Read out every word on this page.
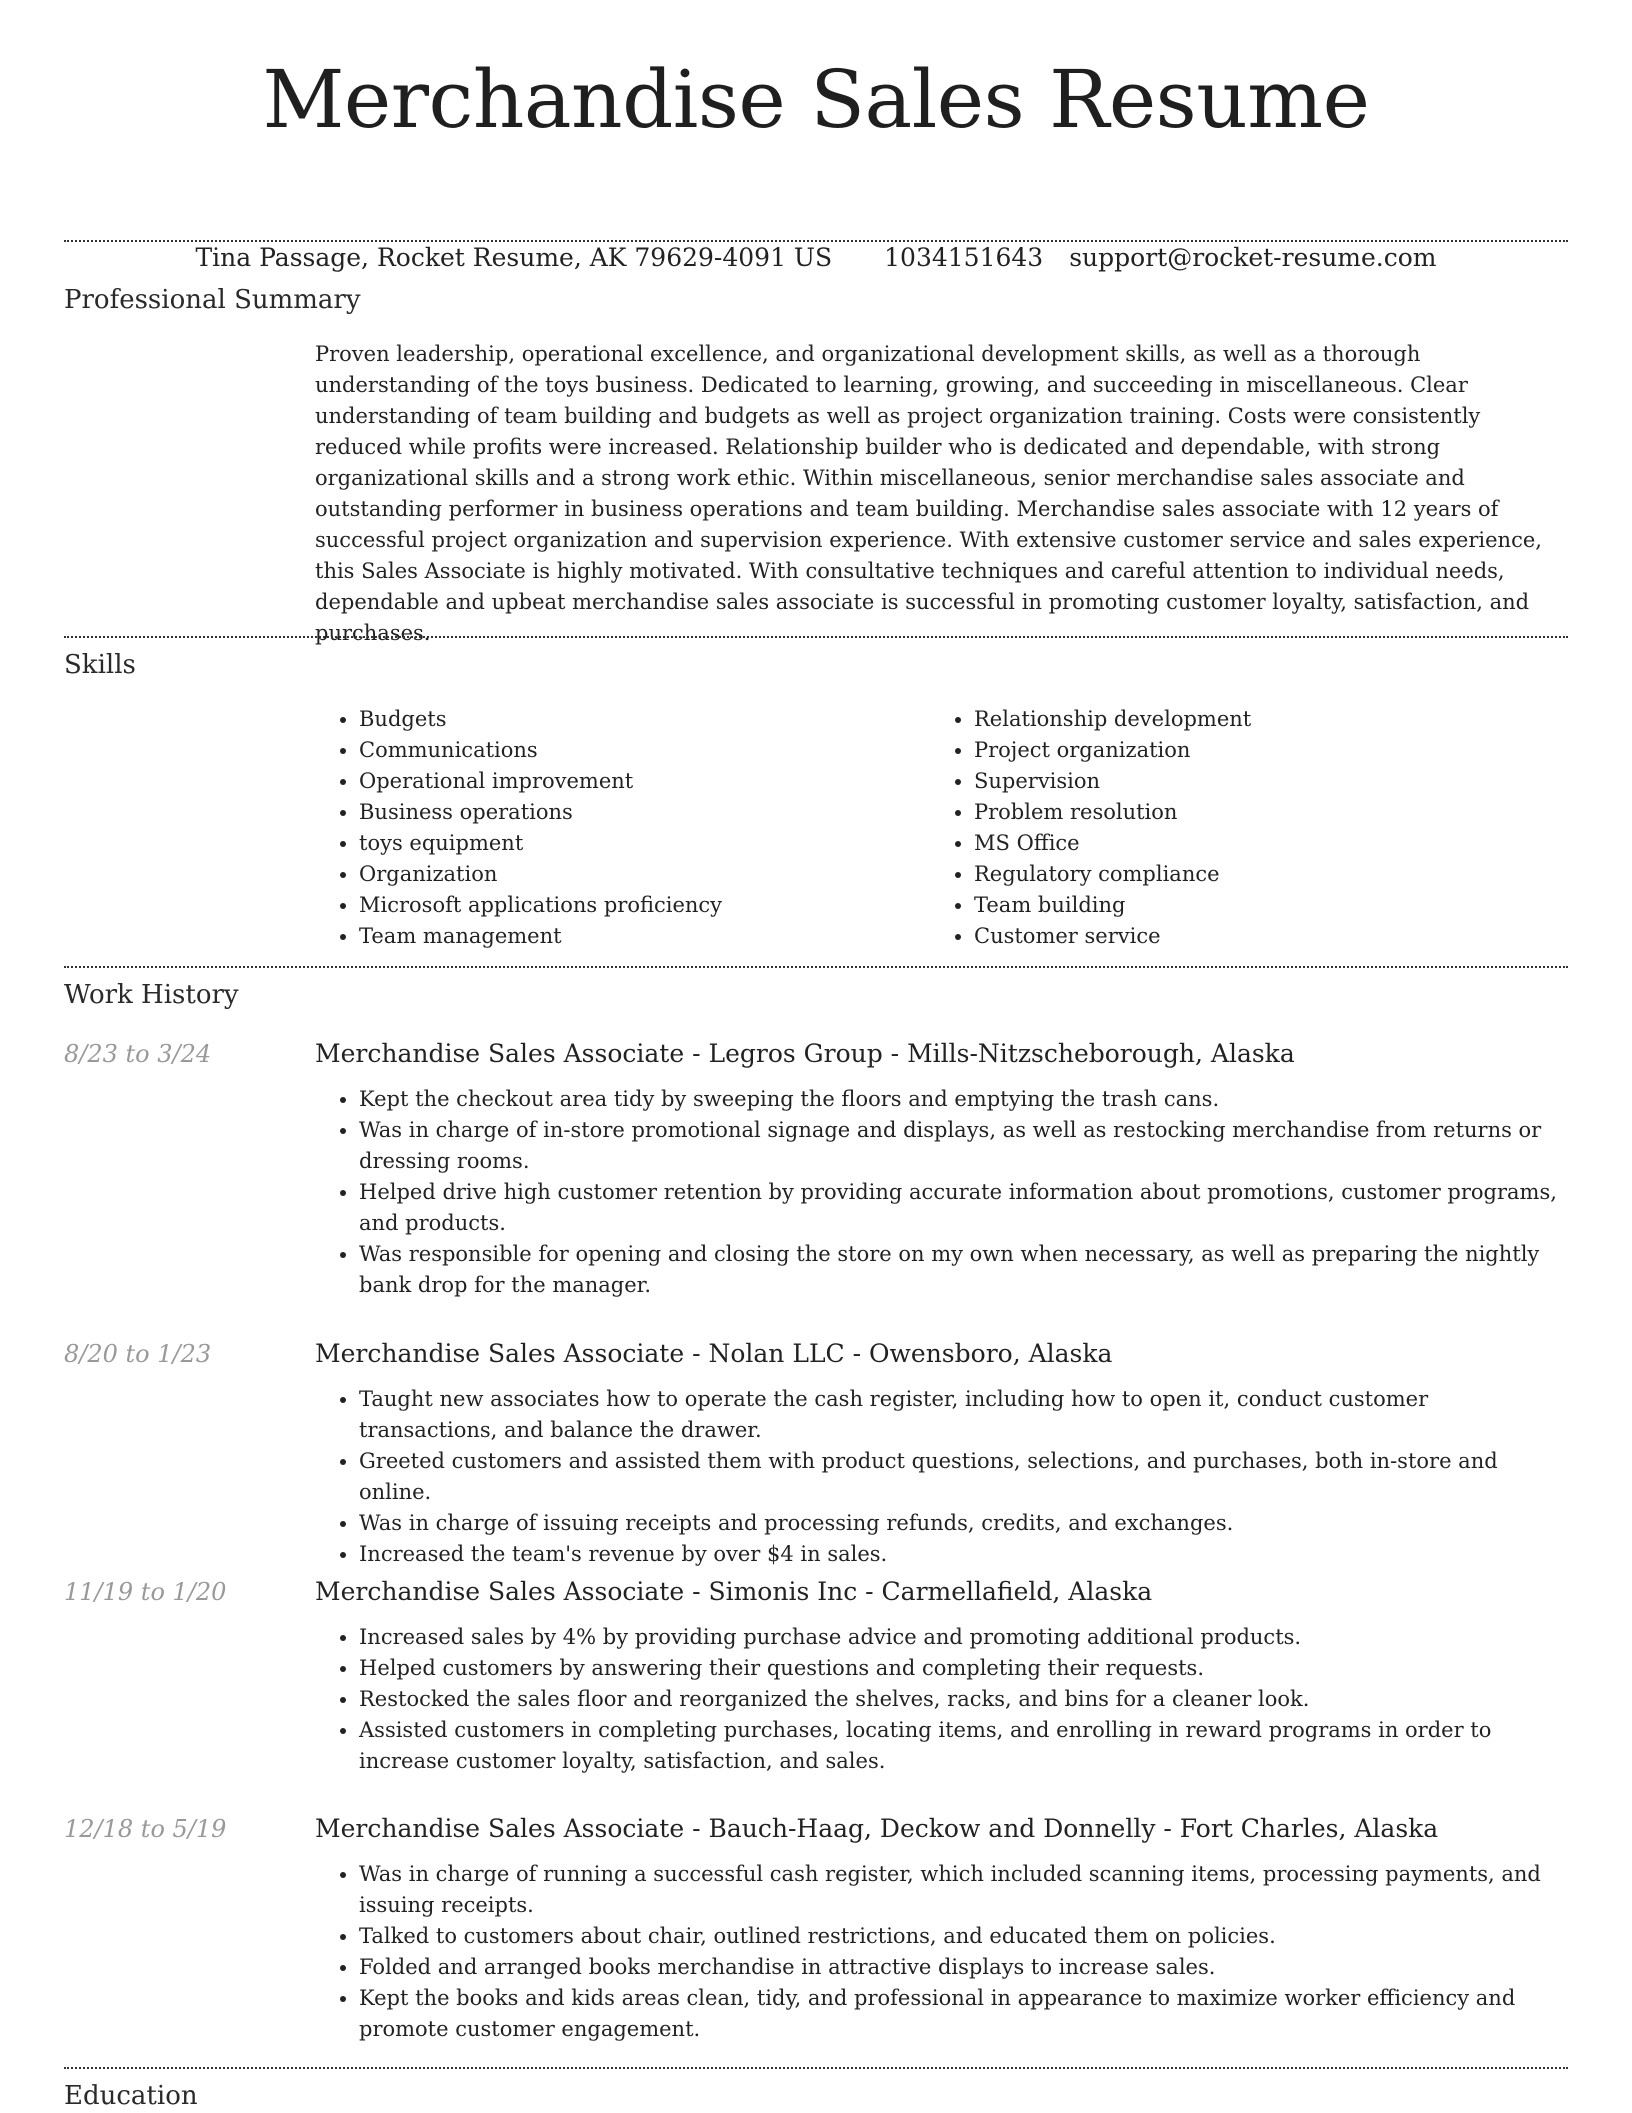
Merchandise Sales Resume
Tina Passage, Rocket Resume, AK 79629-4091 US 1034151643 support@rocket-resume.com
Professional Summary

Proven leadership, operational excellence, and organizational development skills, as well as a thorough understanding of the toys business. Dedicated to learning, growing, and succeeding in miscellaneous. Clear understanding of team building and budgets as well as project organization training. Costs were consistently reduced while profits were increased. Relationship builder who is dedicated and dependable, with strong organizational skills and a strong work ethic. Within miscellaneous, senior merchandise sales associate and outstanding performer in business operations and team building. Merchandise sales associate with 12 years of successful project organization and supervision experience. With extensive customer service and sales experience, this Sales Associate is highly motivated. With consultative techniques and careful attention to individual needs, dependable and upbeat merchandise sales associate is successful in promoting customer loyalty, satisfaction, and purchases.

Skills
• Budgets
• Communications
• Operational improvement
• Business operations
• toys equipment
• Organization
• Microsoft applications proficiency
• Team management
• Relationship development
• Project organization
• Supervision
• Problem resolution
• MS Office
• Regulatory compliance
• Team building
• Customer service
Work History
8/23 to 3/24	Merchandise Sales Associate - Legros Group - Mills-Nitzscheborough, Alaska
• Kept the checkout area tidy by sweeping the floors and emptying the trash cans.
• Was in charge of in-store promotional signage and displays, as well as restocking merchandise from returns or dressing rooms.
• Helped drive high customer retention by providing accurate information about promotions, customer programs, and products.
• Was responsible for opening and closing the store on my own when necessary, as well as preparing the nightly bank drop for the manager.
8/20 to 1/23	Merchandise Sales Associate - Nolan LLC - Owensboro, Alaska
• Taught new associates how to operate the cash register, including how to open it, conduct customer transactions, and balance the drawer.
• Greeted customers and assisted them with product questions, selections, and purchases, both in-store and online.
• Was in charge of issuing receipts and processing refunds, credits, and exchanges.
• Increased the team's revenue by over $4 in sales.
11/19 to 1/20	Merchandise Sales Associate - Simonis Inc - Carmellafield, Alaska
• Increased sales by 4% by providing purchase advice and promoting additional products.
• Helped customers by answering their questions and completing their requests.
• Restocked the sales floor and reorganized the shelves, racks, and bins for a cleaner look.
• Assisted customers in completing purchases, locating items, and enrolling in reward programs in order to increase customer loyalty, satisfaction, and sales.
12/18 to 5/19	Merchandise Sales Associate - Bauch-Haag, Deckow and Donnelly - Fort Charles, Alaska
• Was in charge of running a successful cash register, which included scanning items, processing payments, and issuing receipts.
• Talked to customers about chair, outlined restrictions, and educated them on policies.
• Folded and arranged books merchandise in attractive displays to increase sales.
• Kept the books and kids areas clean, tidy, and professional in appearance to maximize worker efficiency and promote customer engagement.
Education
